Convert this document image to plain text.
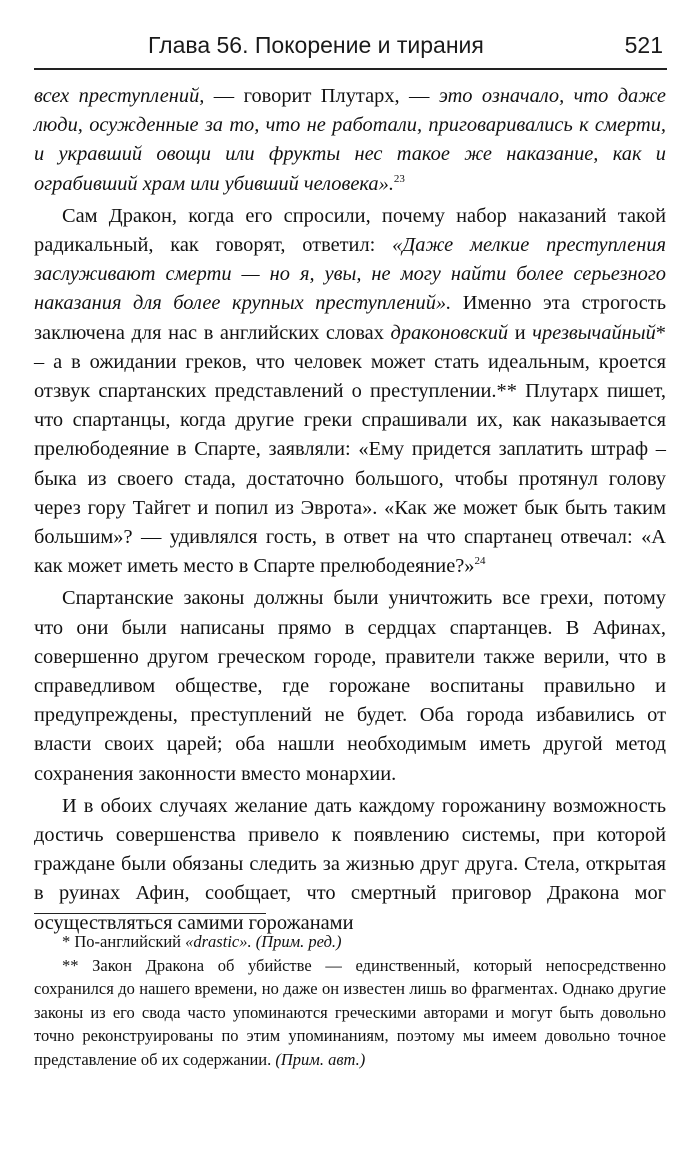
Глава 56. Покорение и тирания	521

всех преступлений, — говорит Плутарх, — это означало, что даже люди, осужденные за то, что не работали, приговаривались к смерти, и укравший овощи или фрукты нес такое же наказание, как и ограбивший храм или убивший человека».$^{23}$

Сам Дракон, когда его спросили, почему набор наказаний такой радикальный, как говорят, ответил: «Даже мелкие преступления заслуживают смерти — но я, увы, не могу найти более серьезного наказания для более крупных преступлений». Именно эта строгость заключена для нас в английских словах драконовский и чрезвычайный* – а в ожидании греков, что человек может стать идеальным, кроется отзвук спартанских представлений о преступлении.** Плутарх пишет, что спартанцы, когда другие греки спрашивали их, как наказывается прелюбодеяние в Спарте, заявляли: «Ему придется заплатить штраф – быка из своего стада, достаточно большого, чтобы протянул голову через гору Тайгет и попил из Эврота». «Как же может бык быть таким большим»? — удивлялся гость, в ответ на что спартанец отвечал: «А как может иметь место в Спарте прелюбодеяние?»$^{24}$

Спартанские законы должны были уничтожить все грехи, потому что они были написаны прямо в сердцах спартанцев. В Афинах, совершенно другом греческом городе, правители также верили, что в справедливом обществе, где горожане воспитаны правильно и предупреждены, преступлений не будет. Оба города избавились от власти своих царей; оба нашли необходимым иметь другой метод сохранения законности вместо монархии.

И в обоих случаях желание дать каждому горожанину возможность достичь совершенства привело к появлению системы, при которой граждане были обязаны следить за жизнью друг друга. Стела, открытая в руинах Афин, сообщает, что смертный приговор Дракона мог осуществляться самими горожанами

* По-английский «drastic». (Прим. ред.)

** Закон Дракона об убийстве — единственный, который непосредственно сохранился до нашего времени, но даже он известен лишь во фрагментах. Однако другие законы из его свода часто упоминаются греческими авторами и могут быть довольно точно реконструированы по этим упоминаниям, поэтому мы имеем довольно точное представление об их содержании. (Прим. авт.)
